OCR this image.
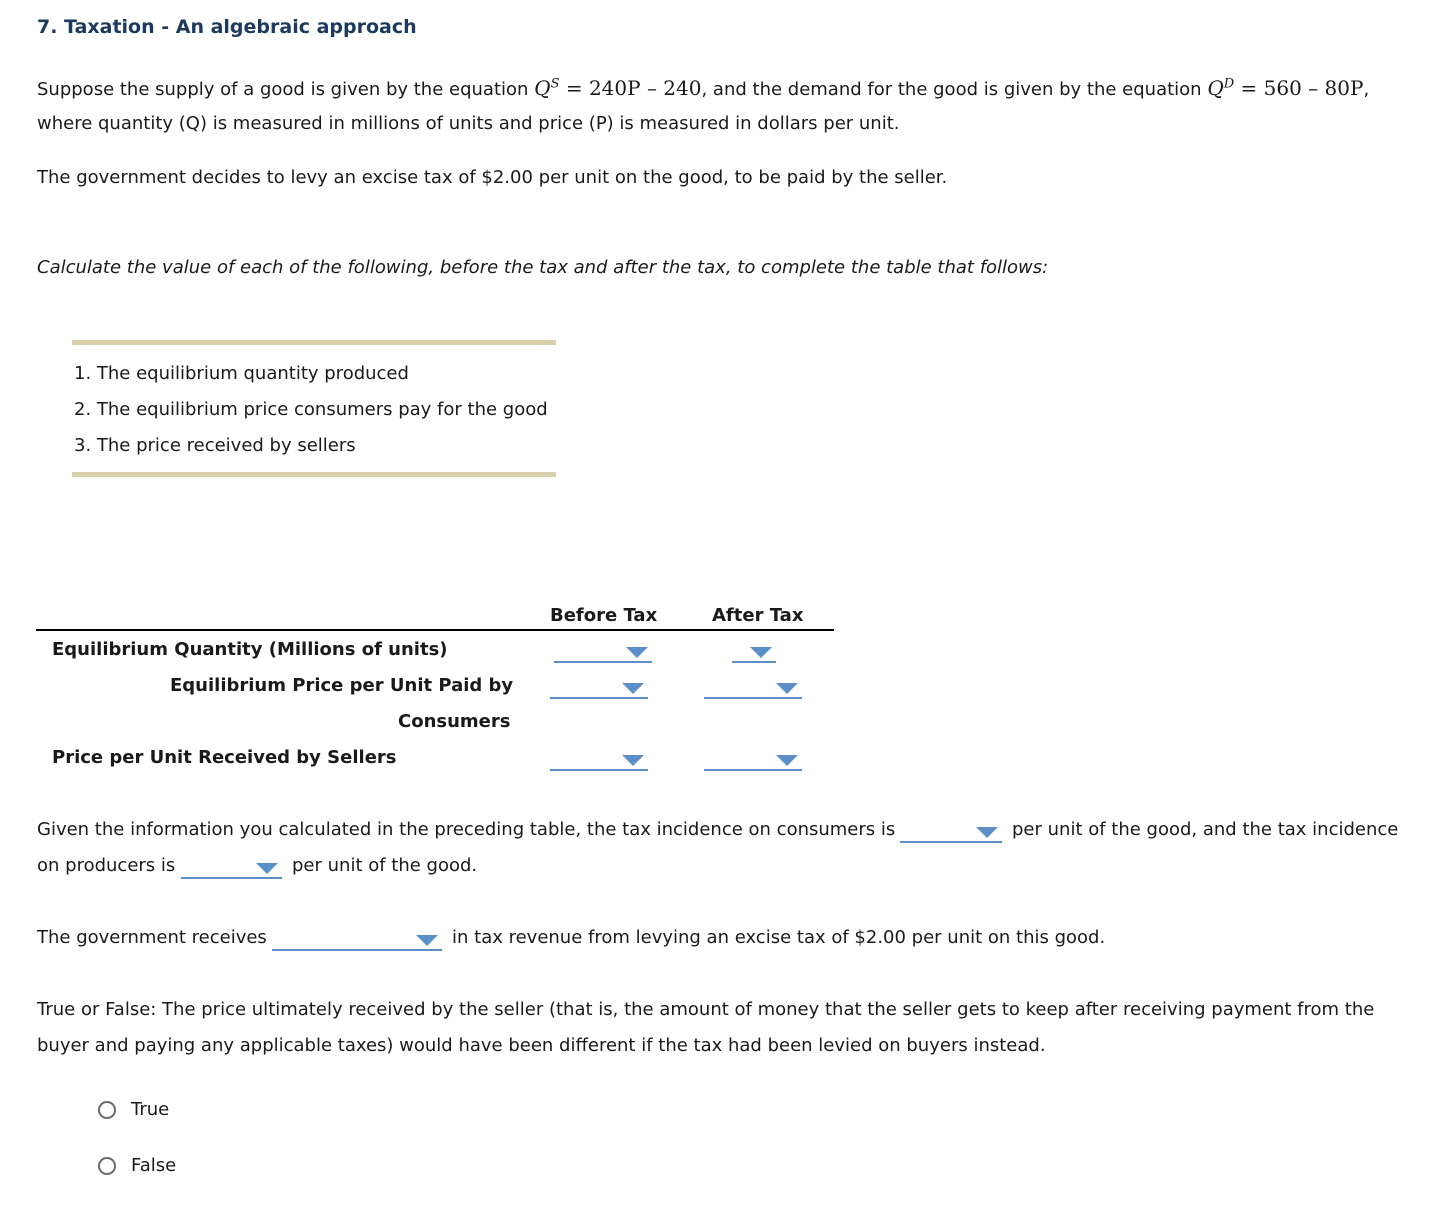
7. Taxation - An algebraic approach
Suppose the supply of a good is given by the equation $Q^S = 240P - 240$, and the demand for the good is given by the equation $Q^D = 560 - 80P$,
where quantity (Q) is measured in millions of units and price (P) is measured in dollars per unit.
The government decides to levy an excise tax of $2.00 per unit on the good, to be paid by the seller.
Calculate the value of each of the following, before the tax and after the tax, to complete the table that follows:
1. The equilibrium quantity produced
2. The equilibrium price consumers pay for the good
3. The price received by sellers
Before Tax	After Tax
Equilibrium Quantity (Millions of units)
Equilibrium Price per Unit Paid by
Consumers
Price per Unit Received by Sellers
Given the information you calculated in the preceding table, the tax incidence on consumers is	per unit of the good, and the tax incidence
on producers is	per unit of the good.
The government receives	in tax revenue from levying an excise tax of $2.00 per unit on this good.
True or False: The price ultimately received by the seller (that is, the amount of money that the seller gets to keep after receiving payment from the
buyer and paying any applicable taxes) would have been different if the tax had been levied on buyers instead.
True
False
